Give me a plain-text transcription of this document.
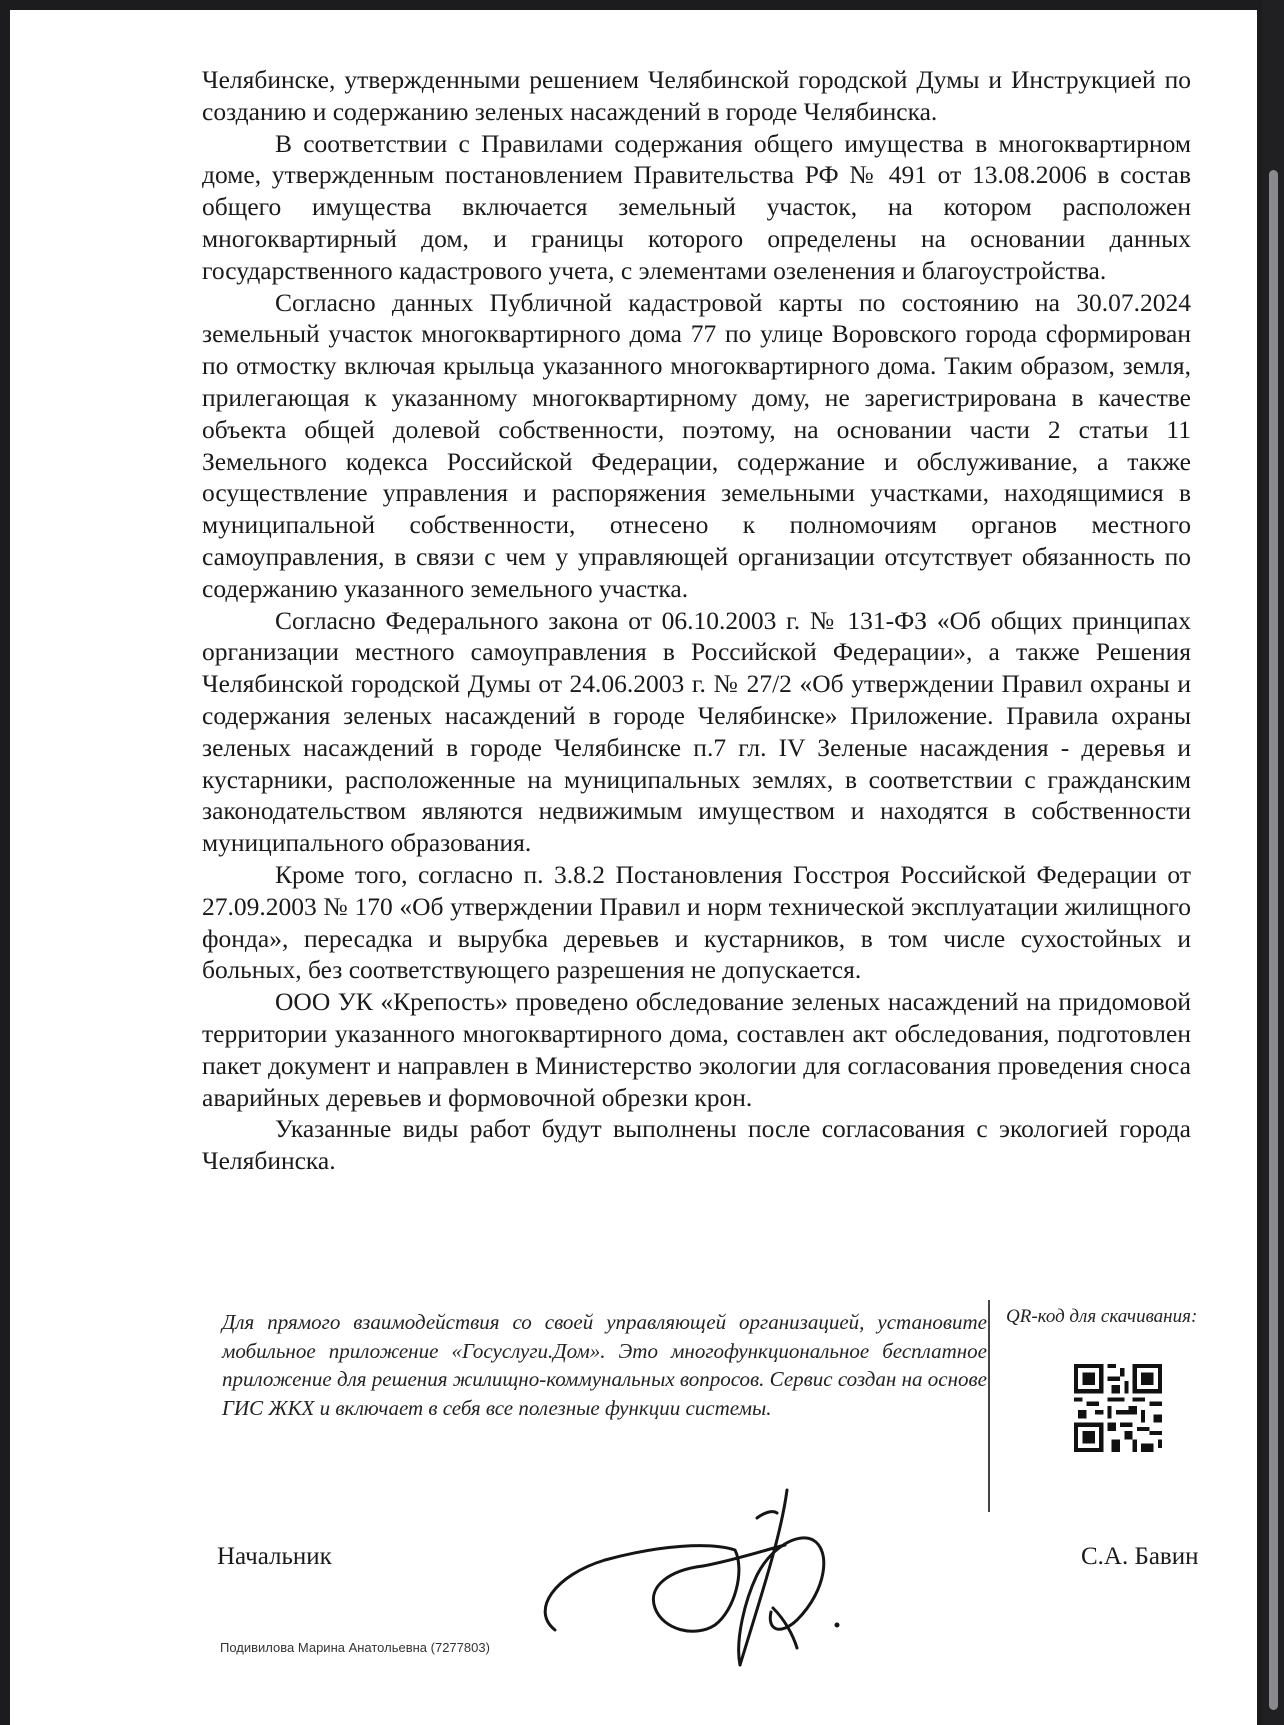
Челябинске, утвержденными решением Челябинской городской Думы и Инструкцией по созданию и содержанию зеленых насаждений в городе Челябинска.

В соответствии с Правилами содержания общего имущества в многоквартирном доме, утвержденным постановлением Правительства РФ № 491 от 13.08.2006 в состав общего имущества включается земельный участок, на котором расположен многоквартирный дом, и границы которого определены на основании данных государственного кадастрового учета, с элементами озеленения и благоустройства.

Согласно данных Публичной кадастровой карты по состоянию на 30.07.2024 земельный участок многоквартирного дома 77 по улице Воровского города сформирован по отмостку включая крыльца указанного многоквартирного дома. Таким образом, земля, прилегающая к указанному многоквартирному дому, не зарегистрирована в качестве объекта общей долевой собственности, поэтому, на основании части 2 статьи 11 Земельного кодекса Российской Федерации, содержание и обслуживание, а также осуществление управления и распоряжения земельными участками, находящимися в муниципальной собственности, отнесено к полномочиям органов местного самоуправления, в связи с чем у управляющей организации отсутствует обязанность по содержанию указанного земельного участка.

Согласно Федерального закона от 06.10.2003 г. № 131-ФЗ «Об общих принципах организации местного самоуправления в Российской Федерации», а также Решения Челябинской городской Думы от 24.06.2003 г. № 27/2 «Об утверждении Правил охраны и содержания зеленых насаждений в городе Челябинске» Приложение. Правила охраны зеленых насаждений в городе Челябинске п.7 гл. IV Зеленые насаждения - деревья и кустарники, расположенные на муниципальных землях, в соответствии с гражданским законодательством являются недвижимым имуществом и находятся в собственности муниципального образования.

Кроме того, согласно п. 3.8.2 Постановления Госстроя Российской Федерации от 27.09.2003 № 170 «Об утверждении Правил и норм технической эксплуатации жилищного фонда», пересадка и вырубка деревьев и кустарников, в том числе сухостойных и больных, без соответствующего разрешения не допускается.

ООО УК «Крепость» проведено обследование зеленых насаждений на придомовой территории указанного многоквартирного дома, составлен акт обследования, подготовлен пакет документ и направлен в Министерство экологии для согласования проведения сноса аварийных деревьев и формовочной обрезки крон.

Указанные виды работ будут выполнены после согласования с экологией города Челябинска.

Для прямого взаимодействия со своей управляющей организацией, установите мобильное приложение «Госуслуги.Дом». Это многофункциональное бесплатное приложение для решения жилищно-коммунальных вопросов. Сервис создан на основе ГИС ЖКХ и включает в себя все полезные функции системы.
QR-код для скачивания:
Начальник	С.А. Бавин
Подивилова Марина Анатольевна (7277803)
